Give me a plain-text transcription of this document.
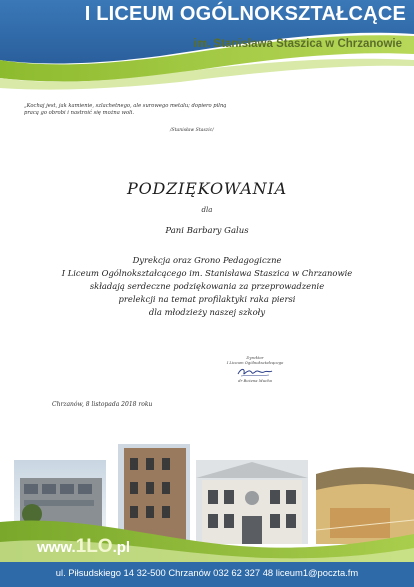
I LICEUM OGÓLNOKSZTAŁCĄCE
im. Stanisława Staszica w Chrzanowie
„Kochaj jest, jak kamienie, szlachetnego, ale surowego metalu; dopiero pilną pracą go obrobi i nastroić się można woli.
/Stanisław Staszic/
PODZIĘKOWANIA
dla
Pani Barbary Galus
Dyrekcja oraz Grono Pedagogiczne
I Liceum Ogólnokształcącego im. Stanisława Staszica w Chrzanowie
składają serdeczne podziękowania za przeprowadzenie
prelekcji na temat profilaktyki raka piersi
dla młodzieży naszej szkoły
Dyrektor
I Liceum Ogólnokształcącego
dr Bożena Mucha
Chrzanów, 8 listopada 2018 roku
www.1LO.pl
ul. Piłsudskiego 14 32-500 Chrzanów 032 62 327 48 liceum1@poczta.fm
